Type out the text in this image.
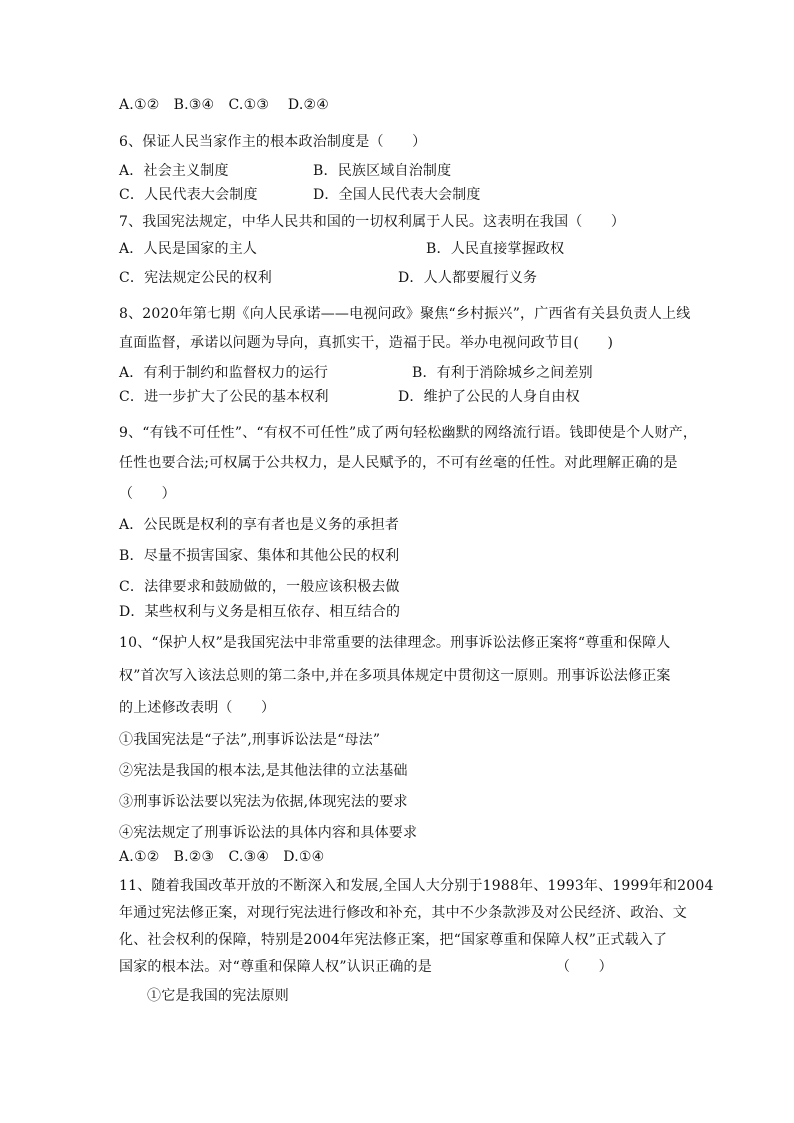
A.①②　B.③④　C.①③　 D.②④
6、保证人民当家作主的根本政治制度是（　　）
A．社会主义制度	B．民族区域自治制度
C．人民代表大会制度	D．全国人民代表大会制度
7、我国宪法规定，中华人民共和国的一切权利属于人民。这表明在我国（　　）
A．人民是国家的主人	B．人民直接掌握政权
C．宪法规定公民的权利	D．人人都要履行义务
8、2020年第七期《向人民承诺——电视问政》聚焦“乡村振兴”，广西省有关县负责人上线
直面监督，承诺以问题为导向，真抓实干，造福于民。举办电视问政节目(　　)
A．有利于制约和监督权力的运行	B．有利于消除城乡之间差别
C．进一步扩大了公民的基本权利	D．维护了公民的人身自由权
9、“有钱不可任性”、“有权不可任性”成了两句轻松幽默的网络流行语。钱即使是个人财产，
任性也要合法;可权属于公共权力，是人民赋予的，不可有丝毫的任性。对此理解正确的是
（　　）
A．公民既是权利的享有者也是义务的承担者
B．尽量不损害国家、集体和其他公民的权利
C．法律要求和鼓励做的，一般应该积极去做
D．某些权利与义务是相互依存、相互结合的
10、“保护人权”是我国宪法中非常重要的法律理念。刑事诉讼法修正案将“尊重和保障人
权”首次写入该法总则的第二条中,并在多项具体规定中贯彻这一原则。刑事诉讼法修正案
的上述修改表明（　　）
①我国宪法是“子法”,刑事诉讼法是“母法”
②宪法是我国的根本法,是其他法律的立法基础
③刑事诉讼法要以宪法为依据,体现宪法的要求
④宪法规定了刑事诉讼法的具体内容和具体要求
A.①②　B.②③　C.③④　D.①④
11、随着我国改革开放的不断深入和发展,全国人大分别于1988年、1993年、1999年和2004
年通过宪法修正案，对现行宪法进行修改和补充，其中不少条款涉及对公民经济、政治、文
化、社会权利的保障，特别是2004年宪法修正案，把“国家尊重和保障人权”正式载入了
国家的根本法。对“尊重和保障人权”认识正确的是	（　　）
①它是我国的宪法原则
